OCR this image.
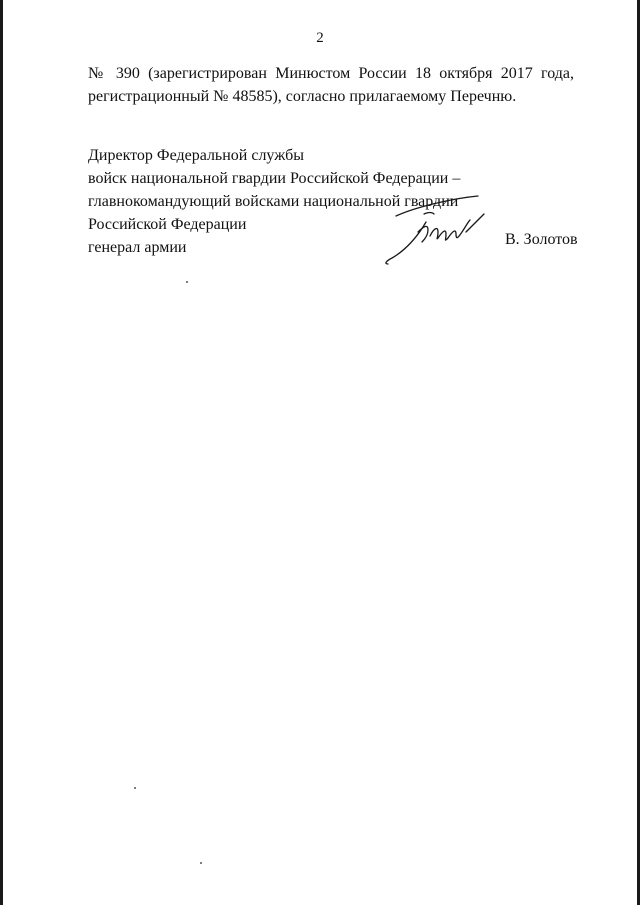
2
№ 390 (зарегистрирован Минюстом России 18 октября 2017 года,
регистрационный № 48585), согласно прилагаемому Перечню.
Директор Федеральной службы
войск национальной гвардии Российской Федерации –
главнокомандующий войсками национальной гвардии
Российской Федерации
генерал армии	В. Золотов
